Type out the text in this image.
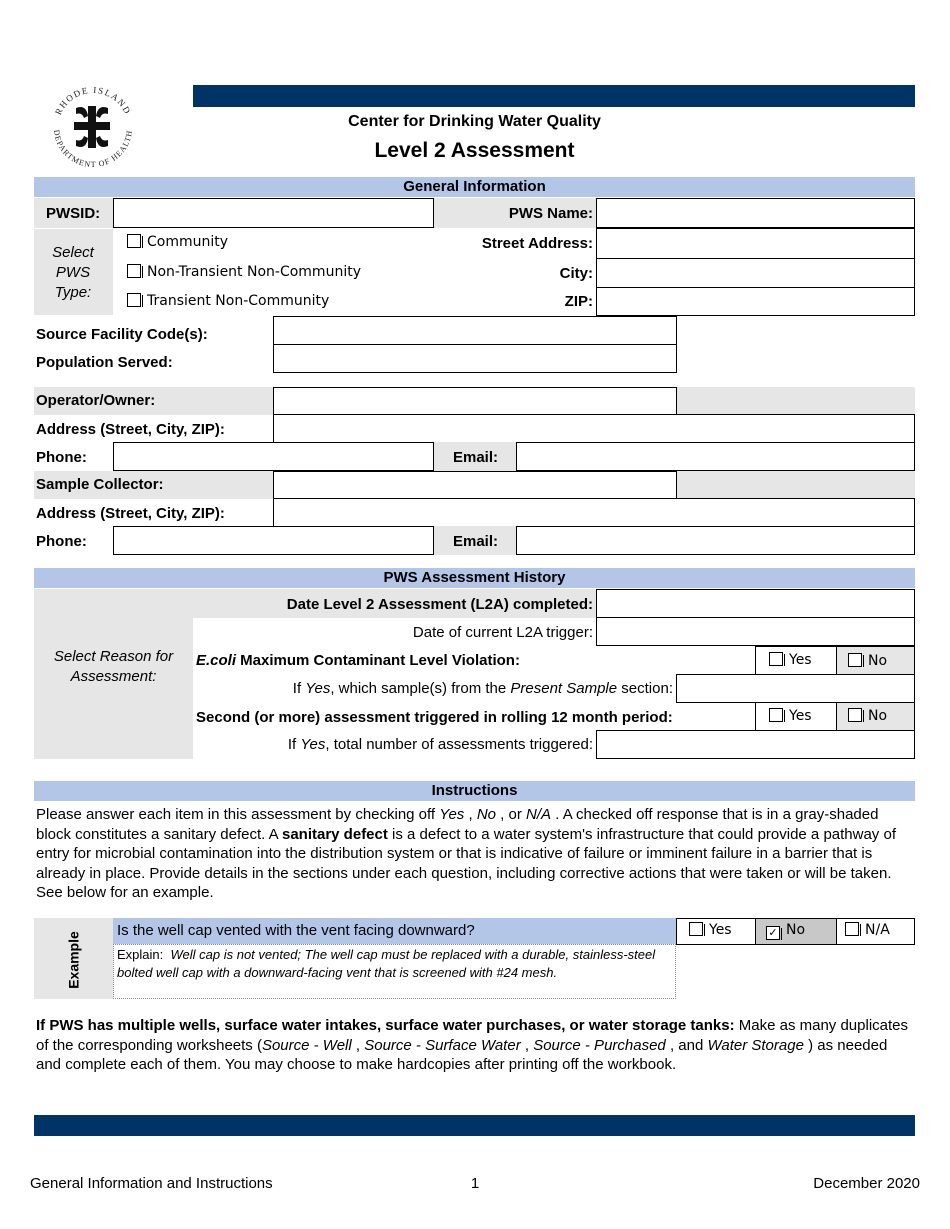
RHODE ISLAND
DEPARTMENT OF HEALTH
Center for Drinking Water Quality
Level 2 Assessment
General Information
PWSID:	PWS Name:
Select PWS Type:
Community
Non-Transient Non-Community
Transient Non-Community
Street Address:
City:
ZIP:
Source Facility Code(s):
Population Served:
Operator/Owner:
Address (Street, City, ZIP):
Phone:	Email:
Sample Collector:
Address (Street, City, ZIP):
Phone:	Email:
PWS Assessment History
Select Reason for Assessment:
Date Level 2 Assessment (L2A) completed:
Date of current L2A trigger:
E.coli Maximum Contaminant Level Violation:	Yes	No
If Yes, which sample(s) from the Present Sample section:
Second (or more) assessment triggered in rolling 12 month period:	Yes	No
If Yes, total number of assessments triggered:
Instructions
Please answer each item in this assessment by checking off Yes , No , or N/A . A checked off response that is in a gray-shaded block constitutes a sanitary defect. A sanitary defect is a defect to a water system's infrastructure that could provide a pathway of entry for microbial contamination into the distribution system or that is indicative of failure or imminent failure in a barrier that is already in place. Provide details in the sections under each question, including corrective actions that were taken or will be taken. See below for an example.
Example
Is the well cap vented with the vent facing downward?	Yes	✓ No	N/A
Explain: Well cap is not vented; The well cap must be replaced with a durable, stainless-steel bolted well cap with a downward-facing vent that is screened with #24 mesh.
If PWS has multiple wells, surface water intakes, surface water purchases, or water storage tanks: Make as many duplicates of the corresponding worksheets (Source - Well , Source - Surface Water , Source - Purchased , and Water Storage ) as needed and complete each of them. You may choose to make hardcopies after printing off the workbook.
General Information and Instructions	1	December 2020
